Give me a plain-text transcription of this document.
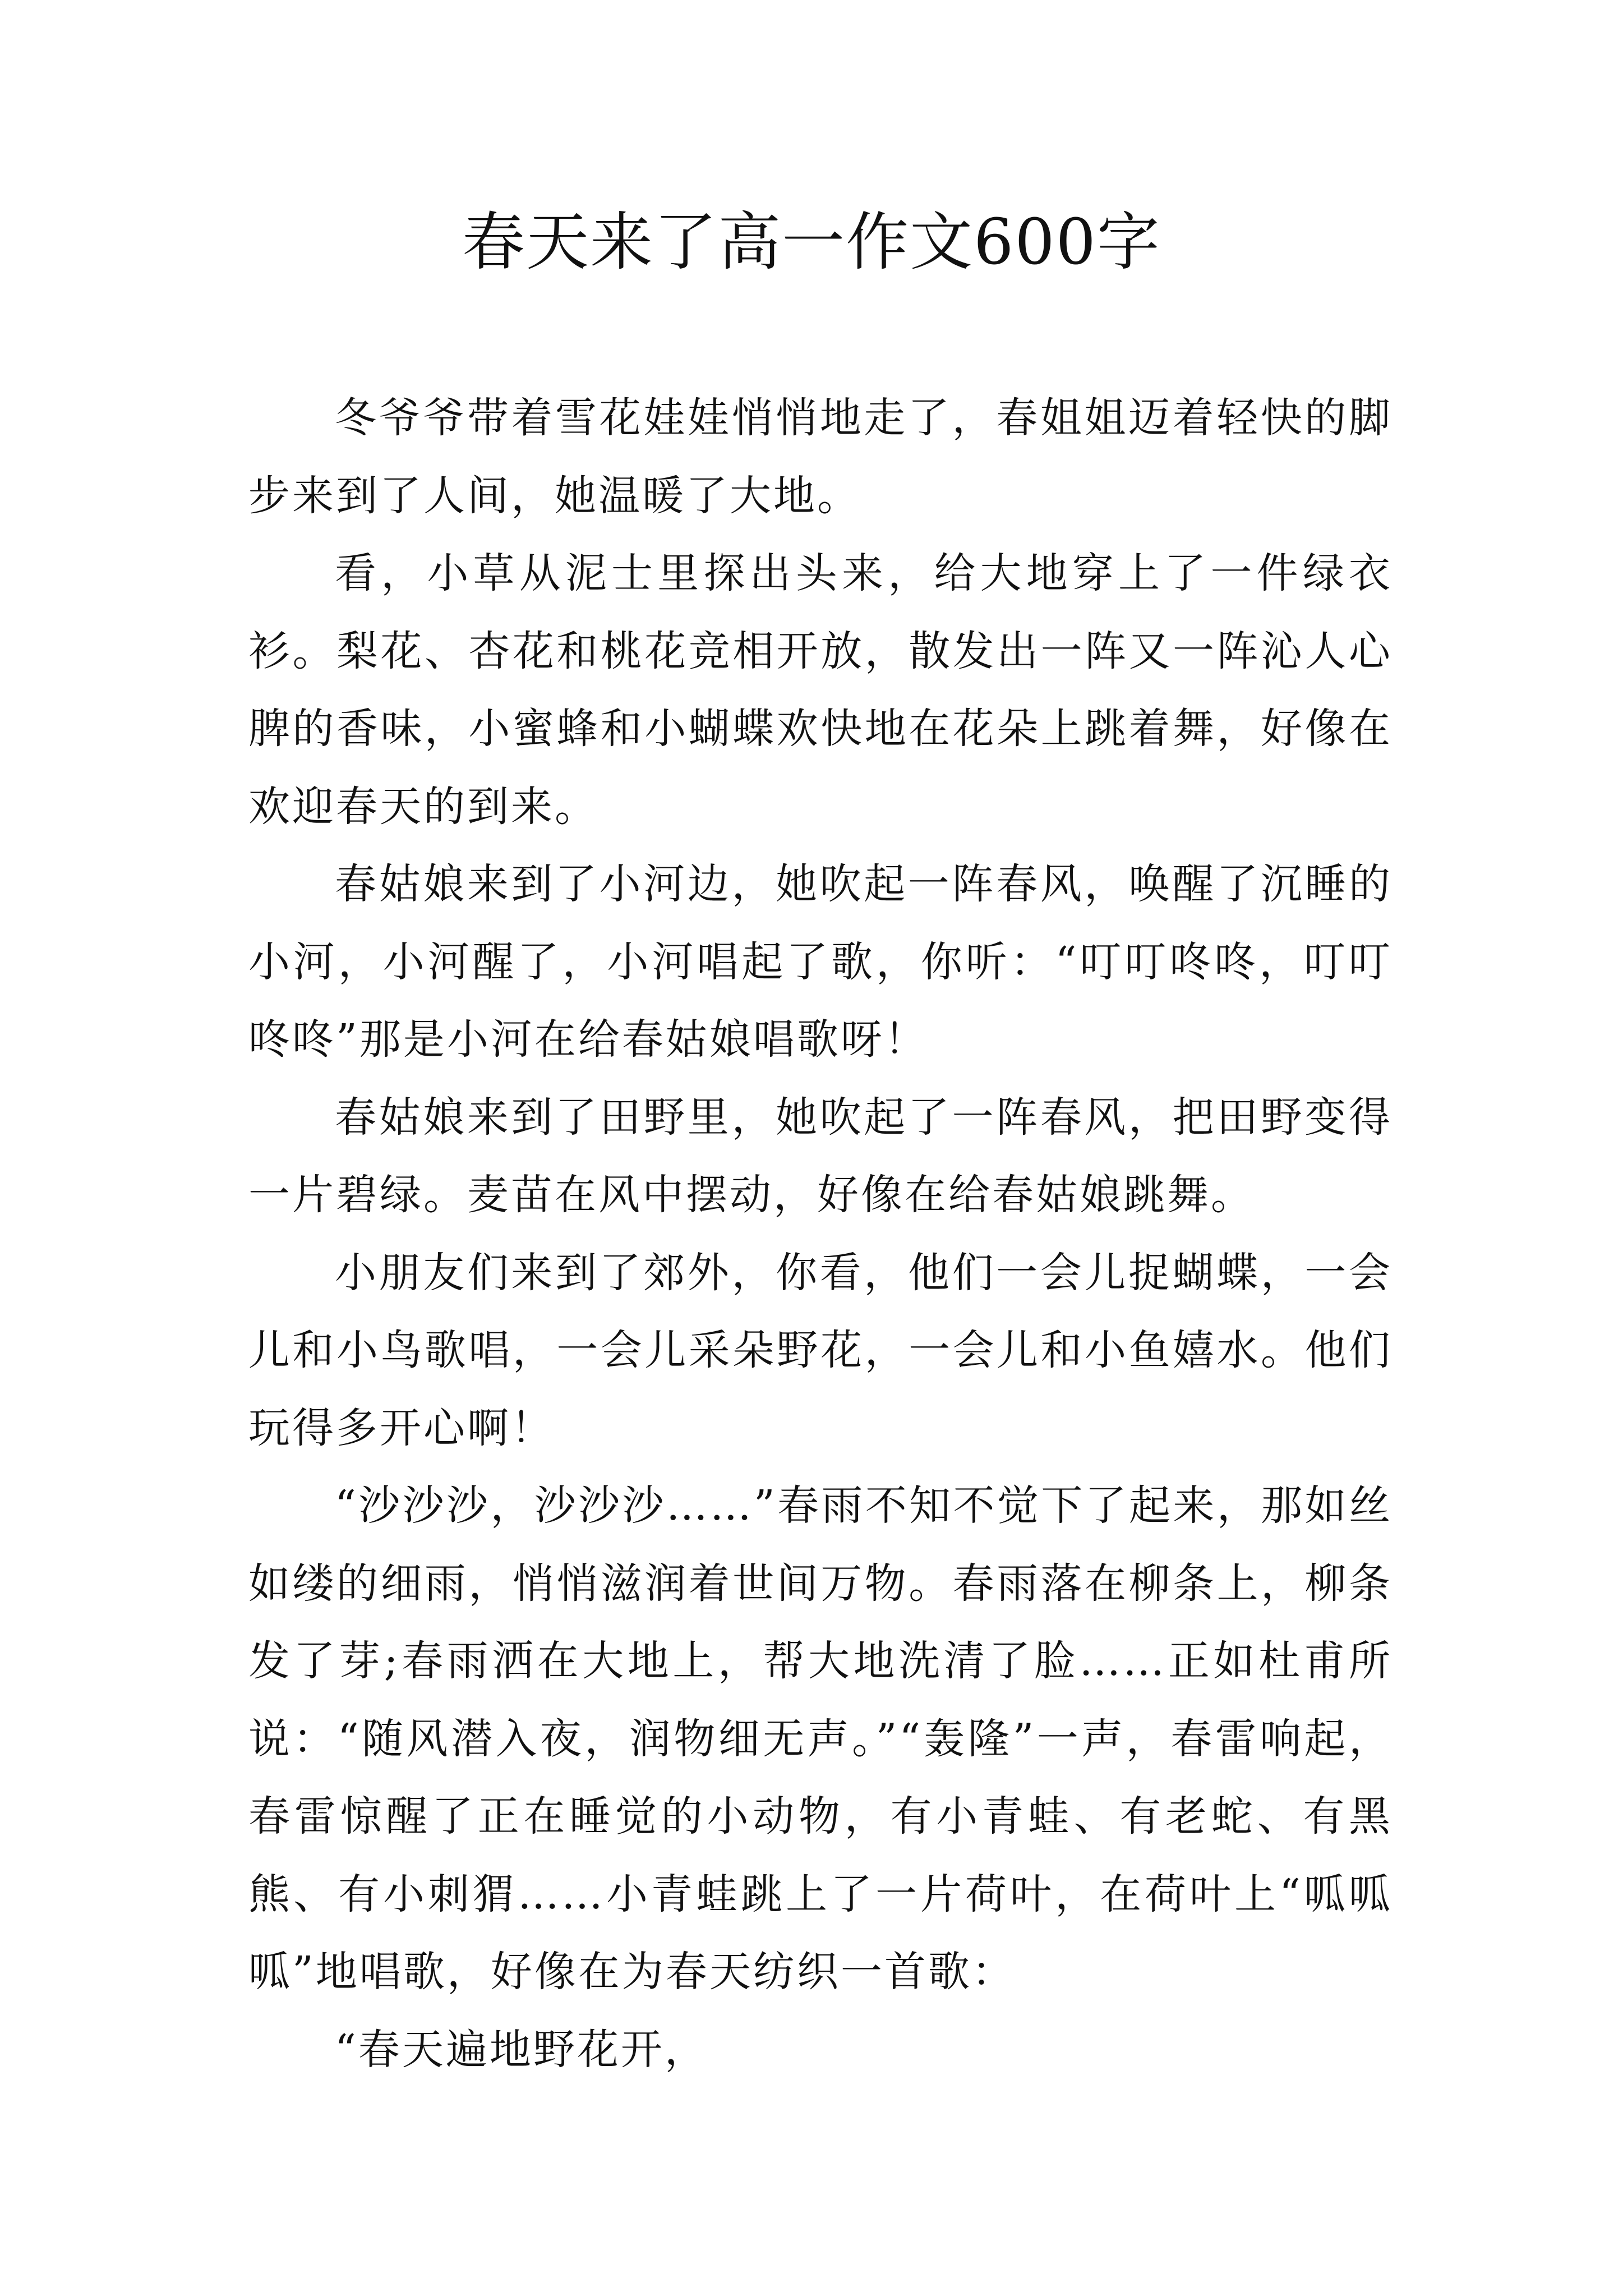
春天来了高一作文600字

冬爷爷带着雪花娃娃悄悄地走了，春姐姐迈着轻快的脚步来到了人间，她温暖了大地。

看，小草从泥士里探出头来，给大地穿上了一件绿衣衫。梨花、杏花和桃花竞相开放，散发出一阵又一阵沁人心脾的香味，小蜜蜂和小蝴蝶欢快地在花朵上跳着舞，好像在欢迎春天的到来。

春姑娘来到了小河边，她吹起一阵春风，唤醒了沉睡的小河，小河醒了，小河唱起了歌，你听：“叮叮咚咚，叮叮咚咚”那是小河在给春姑娘唱歌呀！

春姑娘来到了田野里，她吹起了一阵春风，把田野变得一片碧绿。麦苗在风中摆动，好像在给春姑娘跳舞。

小朋友们来到了郊外，你看，他们一会儿捉蝴蝶，一会儿和小鸟歌唱，一会儿采朵野花，一会儿和小鱼嬉水。他们玩得多开心啊！

“沙沙沙，沙沙沙……”春雨不知不觉下了起来，那如丝如缕的细雨，悄悄滋润着世间万物。春雨落在柳条上，柳条发了芽;春雨洒在大地上，帮大地洗清了脸……正如杜甫所说：“随风潜入夜，润物细无声。”“轰隆”一声，春雷响起，春雷惊醒了正在睡觉的小动物，有小青蛙、有老蛇、有黑熊、有小刺猬……小青蛙跳上了一片荷叶，在荷叶上“呱呱呱”地唱歌，好像在为春天纺织一首歌：

“春天遍地野花开，
